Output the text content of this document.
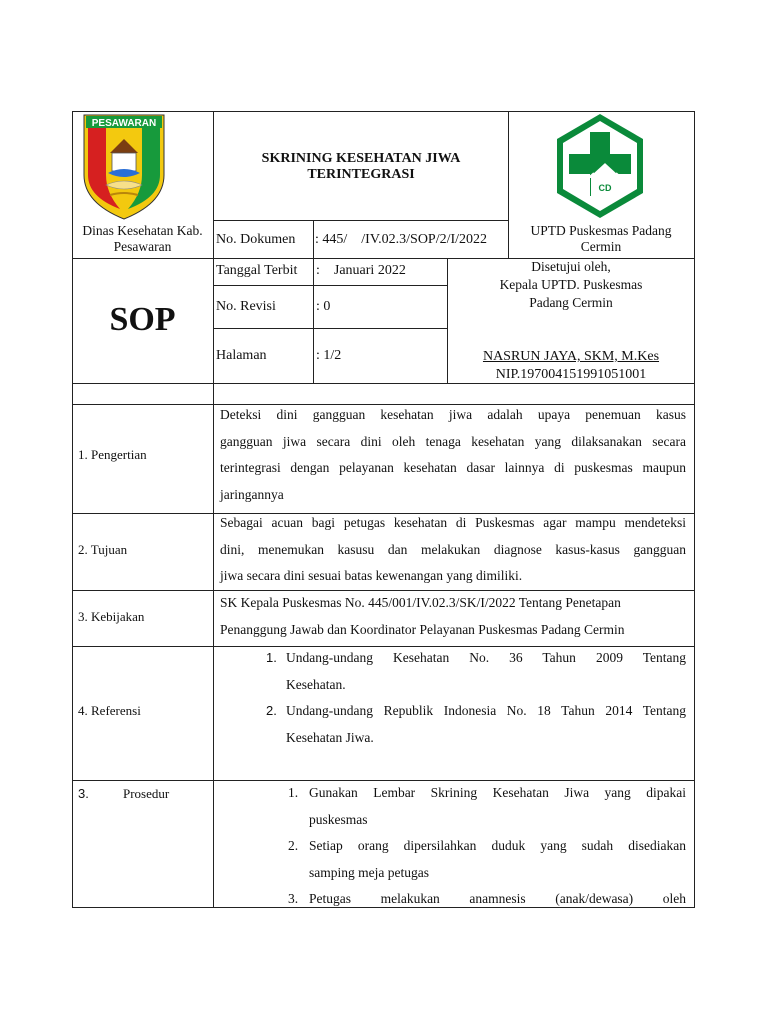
PESAWARAN
Dinas Kesehatan Kab. Pesawaran
SKRINING KESEHATAN JIWA
TERINTEGRASI
CD
UPTD Puskesmas Padang Cermin
No. Dokumen : 445/    /IV.02.3/SOP/2/I/2022
SOP
Tanggal Terbit :    Januari 2022
No. Revisi	: 0
Halaman	: 1/2
Disetujui oleh,
Kepala UPTD. Puskesmas
Padang Cermin
NASRUN JAYA, SKM, M.Kes
NIP.197004151991051001
1. Pengertian
Deteksi dini gangguan kesehatan jiwa adalah upaya penemuan kasus
gangguan jiwa secara dini oleh tenaga kesehatan yang dilaksanakan secara
terintegrasi dengan pelayanan kesehatan dasar lainnya di puskesmas maupun
jaringannya
2. Tujuan
Sebagai acuan bagi petugas kesehatan di Puskesmas agar mampu mendeteksi
dini, menemukan kasusu dan melakukan diagnose kasus-kasus gangguan
jiwa secara dini sesuai batas kewenangan yang dimiliki.
3. Kebijakan
SK Kepala Puskesmas No. 445/001/IV.02.3/SK/I/2022 Tentang Penetapan
Penanggung Jawab dan Koordinator Pelayanan Puskesmas Padang Cermin
4. Referensi
1. Undang-undang Kesehatan No. 36 Tahun 2009 Tentang
Kesehatan.
2. Undang-undang Republik Indonesia No. 18 Tahun 2014 Tentang
Kesehatan Jiwa.
3.	Prosedur	1. Gunakan Lembar Skrining Kesehatan Jiwa yang dipakai
puskesmas
2. Setiap orang dipersilahkan duduk yang sudah disediakan
samping meja petugas
3. Petugas melakukan anamnesis (anak/dewasa) oleh
